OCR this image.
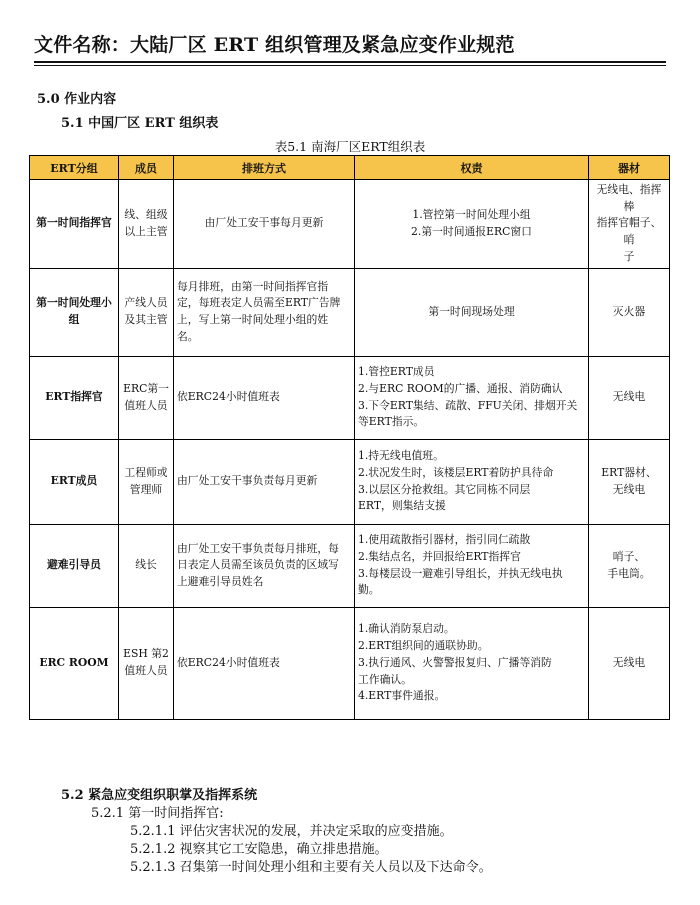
文件名称：大陆厂区 ERT 组织管理及紧急应变作业规范
5.0 作业内容
5.1 中国厂区 ERT 组织表
表5.1 南海厂区ERT组织表
ERT分组	成员	排班方式	权责	器材
第一时间指挥官	线、组级
以上主管	由厂处工安干事每月更新	1.管控第一时间处理小组
2.第一时间通报ERC窗口	无线电、指挥棒
指挥官帽子、哨
子

第一时间处理小组	产线人员
及其主管	每月排班，由第一时间指挥官指
定，每班表定人员需至ERT广告牌
上，写上第一时间处理小组的姓
名。	第一时间现场处理	灭火器

ERT指挥官	ERC第一
值班人员	依ERC24小时值班表	1.管控ERT成员
2.与ERC ROOM的广播、通报、消防确认
3.下令ERT集结、疏散、FFU关闭、排烟开关
等ERT指示。	无线电

ERT成员	工程师或
管理师	由厂处工安干事负责每月更新	1.持无线电值班。
2.状况发生时，该楼层ERT着防护具待命
3.以层区分抢救组。其它同栋不同层
ERT，则集结支援	ERT器材、
无线电

避难引导员	线长	由厂处工安干事负责每月排班，每
日表定人员需至该员负责的区域写
上避难引导员姓名	1.使用疏散指引器材，指引同仁疏散
2.集结点名，并回报给ERT指挥官
3.每楼层设一避难引导组长，并执无线电执
勤。	哨子、
手电筒。

ERC ROOM	ESH 第2
值班人员	依ERC24小时值班表	1.确认消防泵启动。
2.ERT组织间的通联协助。
3.执行通风、火警警报复归、广播等消防
工作确认。
4.ERT事件通报。	无线电
5.2 紧急应变组织职掌及指挥系统
5.2.1 第一时间指挥官:
5.2.1.1 评估灾害状况的发展，并决定采取的应变措施。
5.2.1.2 视察其它工安隐患，确立排患措施。
5.2.1.3 召集第一时间处理小组和主要有关人员以及下达命令。
